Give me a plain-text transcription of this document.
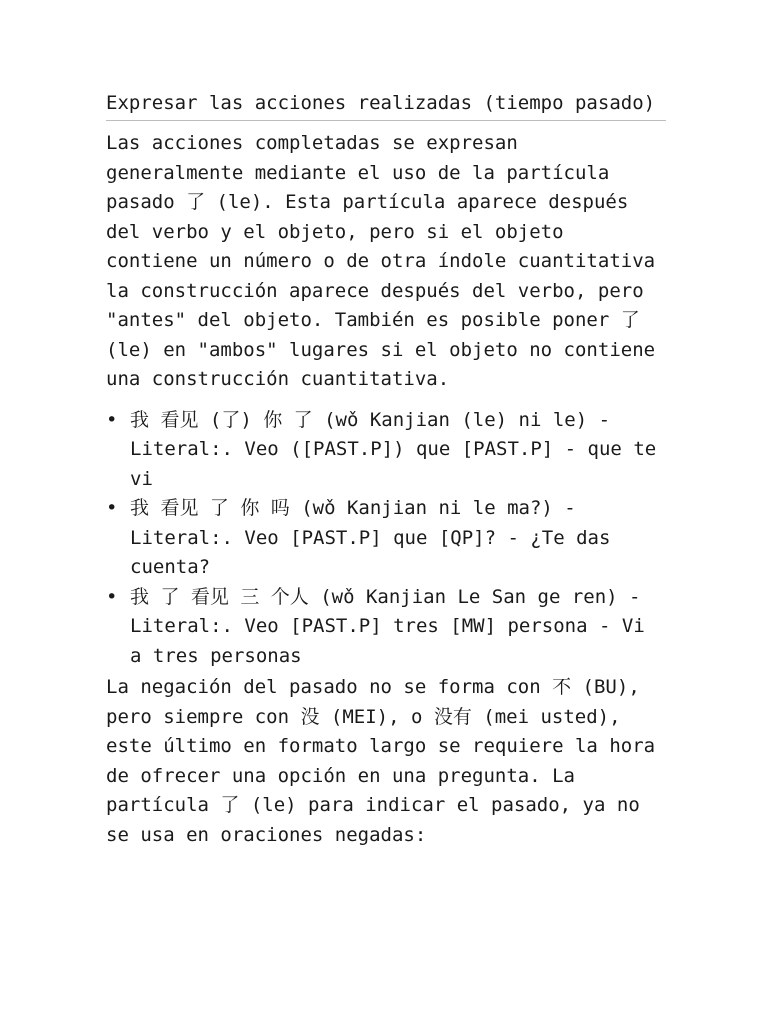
Expresar las acciones realizadas (tiempo pasado)

Las acciones completadas se expresan generalmente mediante el uso de la partícula pasado 了 (le). Esta partícula aparece después del verbo y el objeto, pero si el objeto contiene un número o de otra índole cuantitativa la construcción aparece después del verbo, pero "antes" del objeto. También es posible poner 了 (le) en "ambos" lugares si el objeto no contiene una construcción cuantitativa.

• 我 看见 (了) 你 了 (wǒ Kanjian (le) ni le) - Literal:. Veo ([PAST.P]) que [PAST.P] - que te vi
• 我 看见 了 你 吗 (wǒ Kanjian ni le ma?) - Literal:. Veo [PAST.P] que [QP]? - ¿Te das cuenta?
• 我 了 看见 三 个人 (wǒ Kanjian Le San ge ren) - Literal:. Veo [PAST.P] tres [MW] persona - Vi a tres personas

La negación del pasado no se forma con 不 (BU), pero siempre con 没 (MEI), o 没有 (mei usted), este último en formato largo se requiere la hora de ofrecer una opción en una pregunta. La partícula 了 (le) para indicar el pasado, ya no se usa en oraciones negadas:
